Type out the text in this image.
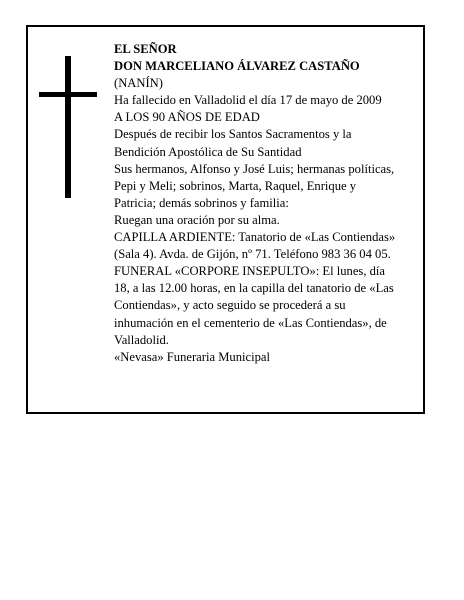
EL SEÑOR
DON MARCELIANO ÁLVAREZ CASTAÑO
(NANÍN)
Ha fallecido en Valladolid el día 17 de mayo de 2009
A LOS 90 AÑOS DE EDAD
Después de recibir los Santos Sacramentos y la
Bendición Apostólica de Su Santidad
Sus hermanos, Alfonso y José Luis; hermanas políticas,
Pepi y Meli; sobrinos, Marta, Raquel, Enrique y
Patricia; demás sobrinos y familia:
Ruegan una oración por su alma.
CAPILLA ARDIENTE: Tanatorio de «Las Contiendas»
(Sala 4). Avda. de Gijón, nº 71. Teléfono 983 36 04 05.
FUNERAL «CORPORE INSEPULTO»: El lunes, día
18, a las 12.00 horas, en la capilla del tanatorio de «Las
Contiendas», y acto seguido se procederá a su
inhumación en el cementerio de «Las Contiendas», de
Valladolid.
«Nevasa» Funeraria Municipal
